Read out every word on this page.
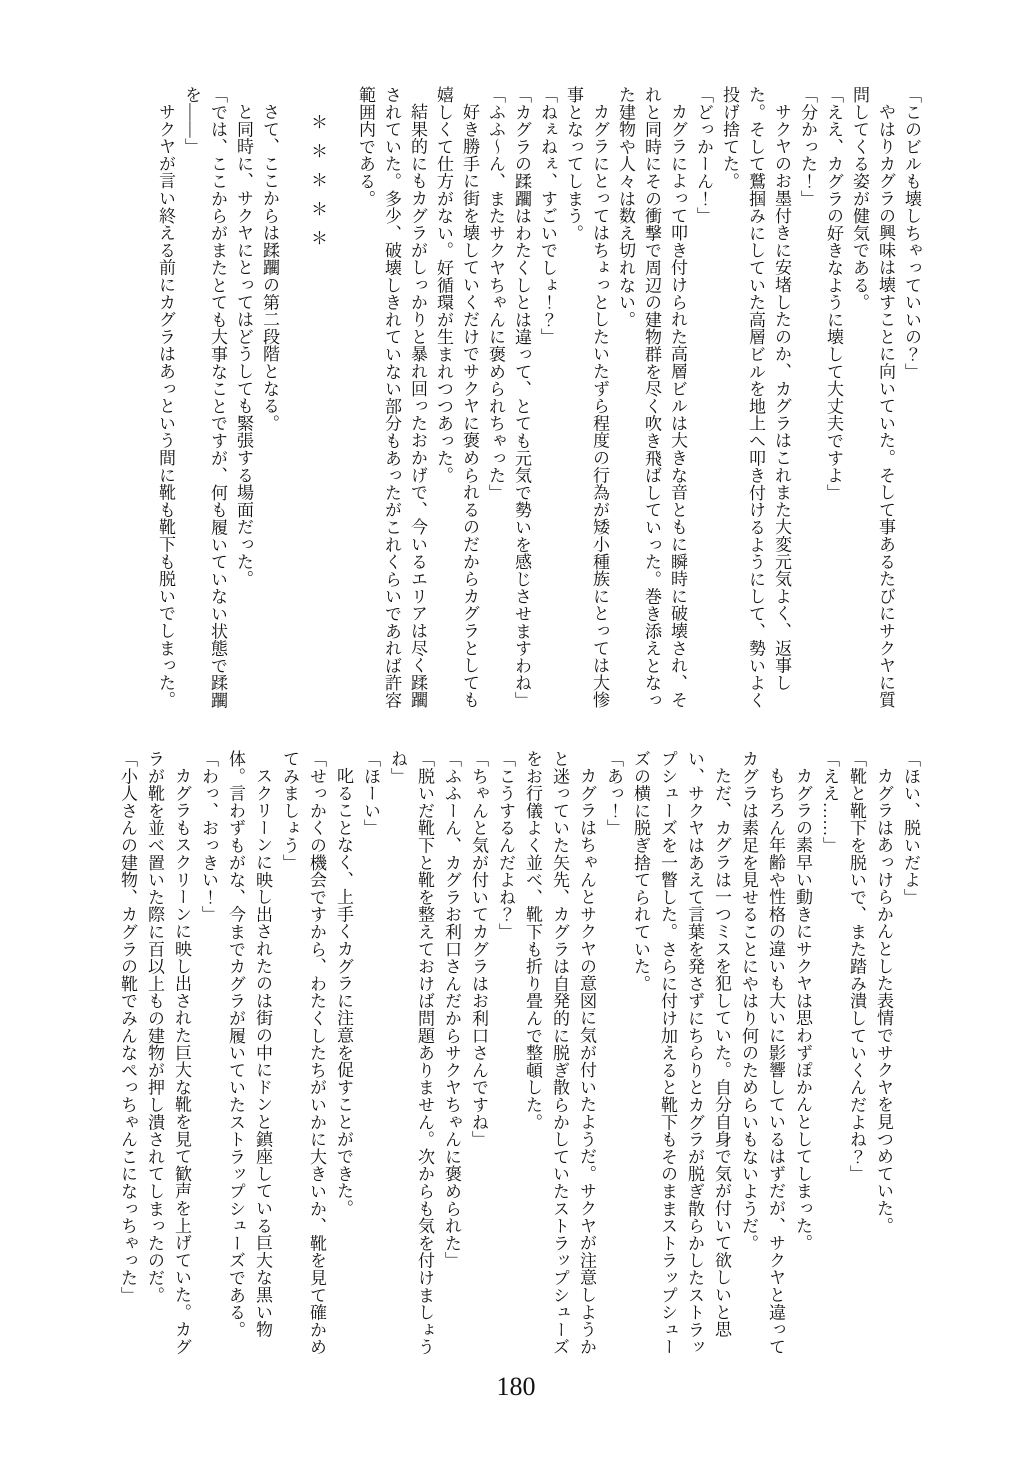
「このビルも壊しちゃっていいの？」

やはりカグラの興味は壊すことに向いていた。そして事あるたびにサクヤに質問してくる姿が健気である。

「ええ、カグラの好きなように壊して大丈夫ですよ」

「分かった！」

サクヤのお墨付きに安堵したのか、カグラはこれまた大変元気よく、返事した。そして鷲掴みにしていた高層ビルを地上へ叩き付けるようにして、勢いよく投げ捨てた。

「どっかーん！」

カグラによって叩き付けられた高層ビルは大きな音ともに瞬時に破壊され、それと同時にその衝撃で周辺の建物群を尽く吹き飛ばしていった。巻き添えとなった建物や人々は数え切れない。

カグラにとってはちょっとしたいたずら程度の行為が矮小種族にとっては大惨事となってしまう。

「ねぇねぇ、すごいでしょ！？」

「カグラの蹂躙はわたくしとは違って、とても元気で勢いを感じさせますわね」

「ふふ〜ん、またサクヤちゃんに褒められちゃった」

好き勝手に街を壊していくだけでサクヤに褒められるのだからカグラとしても嬉しくて仕方がない。好循環が生まれつつあった。

結果的にもカグラがしっかりと暴れ回ったおかげで、今いるエリアは尽く蹂躙されていた。多少、破壊しきれていない部分もあったがこれくらいであれば許容範囲内である。

＊＊＊＊＊

さて、ここからは蹂躙の第二段階となる。

と同時に、サクヤにとってはどうしても緊張する場面だった。

「では、ここからがまたとても大事なことですが、何も履いていない状態で蹂躙を――」

サクヤが言い終える前にカグラはあっという間に靴も靴下も脱いでしまった。

「ほい、脱いだよ」

カグラはあっけらかんとした表情でサクヤを見つめていた。

「靴と靴下を脱いで、また踏み潰していくんだよね？」

「ええ……」

カグラの素早い動きにサクヤは思わずぽかんとしてしまった。

もちろん年齢や性格の違いも大いに影響しているはずだが、サクヤと違ってカグラは素足を見せることにやはり何のためらいもないようだ。

ただ、カグラは一つミスを犯していた。自分自身で気が付いて欲しいと思い、サクヤはあえて言葉を発さずにちらりとカグラが脱ぎ散らかしたストラップシューズを一瞥した。さらに付け加えると靴下もそのままストラップシューズの横に脱ぎ捨てられていた。

「あっ！」

カグラはちゃんとサクヤの意図に気が付いたようだ。サクヤが注意しようかと迷っていた矢先、カグラは自発的に脱ぎ散らかしていたストラップシューズをお行儀よく並べ、靴下も折り畳んで整頓した。

「こうするんだよね？」

「ちゃんと気が付いてカグラはお利口さんですね」

「ふふーん、カグラお利口さんだからサクヤちゃんに褒められた」

「脱いだ靴下と靴を整えておけば問題ありません。次からも気を付けましょうね」

「ほーい」

叱ることなく、上手くカグラに注意を促すことができた。

「せっかくの機会ですから、わたくしたちがいかに大きいか、靴を見て確かめてみましょう」

スクリーンに映し出されたのは街の中にドンと鎮座している巨大な黒い物体。言わずもがな、今までカグラが履いていたストラップシューズである。

「わっ、おっきい！」

カグラもスクリーンに映し出された巨大な靴を見て歓声を上げていた。カグラが靴を並べ置いた際に百以上もの建物が押し潰されてしまったのだ。

「小人さんの建物、カグラの靴でみんなぺっちゃんこになっちゃった」

180
